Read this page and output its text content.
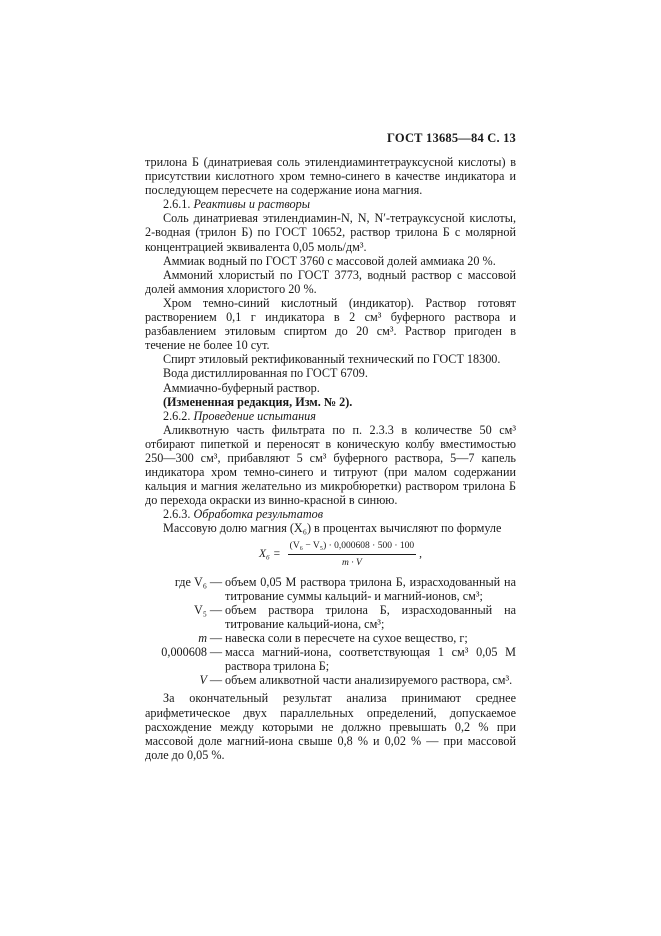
ГОСТ 13685—84 С. 13

трилона Б (динатриевая соль этилендиаминтетрауксусной кислоты) в присутствии кислотного хром темно-синего в качестве индикатора и последующем пересчете на содержание иона магния.

2.6.1. Реактивы и растворы

Соль динатриевая этилендиамин-N, N, N′-тетрауксусной кислоты, 2-водная (трилон Б) по ГОСТ 10652, раствор трилона Б с молярной концентрацией эквивалента 0,05 моль/дм³.

Аммиак водный по ГОСТ 3760 с массовой долей аммиака 20 %.

Аммоний хлористый по ГОСТ 3773, водный раствор с массовой долей аммония хлористого 20 %.

Хром темно-синий кислотный (индикатор). Раствор готовят растворением 0,1 г индикатора в 2 см³ буферного раствора и разбавлением этиловым спиртом до 20 см³. Раствор пригоден в течение не более 10 сут.

Спирт этиловый ректификованный технический по ГОСТ 18300.

Вода дистиллированная по ГОСТ 6709.

Аммиачно-буферный раствор.

(Измененная редакция, Изм. № 2).

2.6.2. Проведение испытания

Аликвотную часть фильтрата по п. 2.3.3 в количестве 50 см³ отбирают пипеткой и переносят в коническую колбу вместимостью 250—300 см³, прибавляют 5 см³ буферного раствора, 5—7 капель индикатора хром темно-синего и титруют (при малом содержании кальция и магния желательно из микробюретки) раствором трилона Б до перехода окраски из винно-красной в синюю.

2.6.3. Обработка результатов

Массовую долю магния (X₆) в процентах вычисляют по формуле

$X_6 = \frac{\text{(V₆ − V₅) · 0,000608 · 500 · 100}}{m \cdot V}$ ,
где V₆ — объем 0,05 М раствора трилона Б, израсходованный на титрование суммы кальций- и магний-ионов, см³;
V₅ — объем раствора трилона Б, израсходованный на титрование кальций-иона, см³;
m — навеска соли в пересчете на сухое вещество, г;
0,000608 — масса магний-иона, соответствующая 1 см³ 0,05 М раствора трилона Б;
V — объем аликвотной части анализируемого раствора, см³.

За окончательный результат анализа принимают среднее арифметическое двух параллельных определений, допускаемое расхождение между которыми не должно превышать 0,2 % при массовой доле магний-иона свыше 0,8 % и 0,02 % — при массовой доле до 0,05 %.
